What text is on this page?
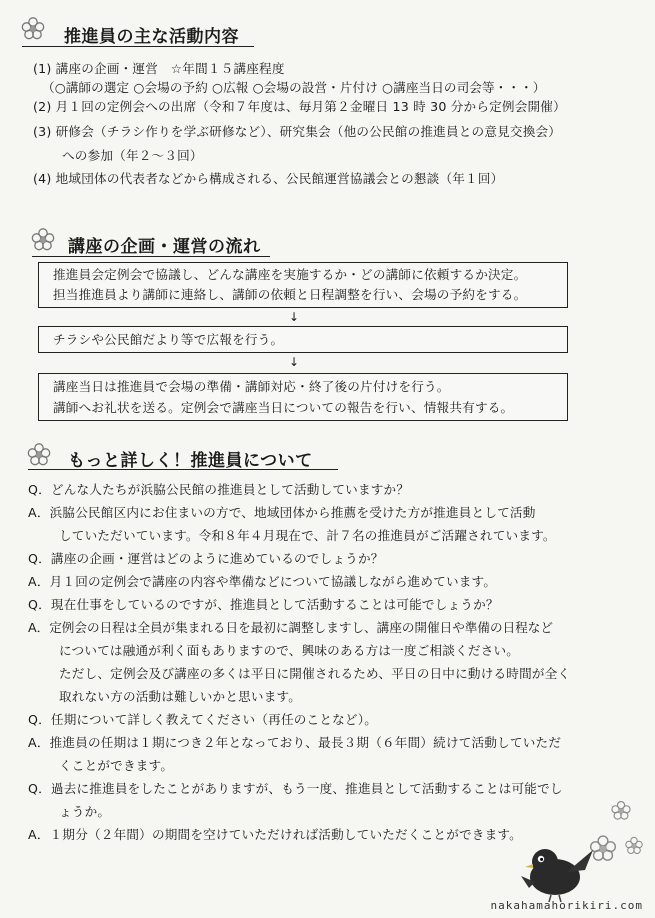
推進員の主な活動内容
(1) 講座の企画・運営　☆年間１５講座程度
（○講師の選定 ○会場の予約 ○広報 ○会場の設営・片付け ○講座当日の司会等・・・）
(2) 月１回の定例会への出席（令和７年度は、毎月第２金曜日 13 時 30 分から定例会開催）
(3) 研修会（チラシ作りを学ぶ研修など）、研究集会（他の公民館の推進員との意見交換会）
への参加（年２～３回）
(4) 地域団体の代表者などから構成される、公民館運営協議会との懇談（年１回）
講座の企画・運営の流れ
推進員会定例会で協議し、どんな講座を実施するか・どの講師に依頼するか決定。
担当推進員より講師に連絡し、講師の依頼と日程調整を行い、会場の予約をする。
↓
チラシや公民館だより等で広報を行う。
↓
講座当日は推進員で会場の準備・講師対応・終了後の片付けを行う。
講師へお礼状を送る。定例会で講座当日についての報告を行い、情報共有する。
もっと詳しく！推進員について
Q．どんな人たちが浜脇公民館の推進員として活動していますか？
A．浜脇公民館区内にお住まいの方で、地域団体から推薦を受けた方が推進員として活動
していただいています。令和８年４月現在で、計７名の推進員がご活躍されています。
Q．講座の企画・運営はどのように進めているのでしょうか？
A．月１回の定例会で講座の内容や準備などについて協議しながら進めています。
Q．現在仕事をしているのですが、推進員として活動することは可能でしょうか？
A．定例会の日程は全員が集まれる日を最初に調整しますし、講座の開催日や準備の日程など
については融通が利く面もありますので、興味のある方は一度ご相談ください。
ただし、定例会及び講座の多くは平日に開催されるため、平日の日中に動ける時間が全く
取れない方の活動は難しいかと思います。
Q．任期について詳しく教えてください（再任のことなど）。
A．推進員の任期は１期につき２年となっており、最長３期（６年間）続けて活動していただ
くことができます。
Q．過去に推進員をしたことがありますが、もう一度、推進員として活動することは可能でし
ょうか。
A．１期分（２年間）の期間を空けていただければ活動していただくことができます。
nakahamahorikiri.com
